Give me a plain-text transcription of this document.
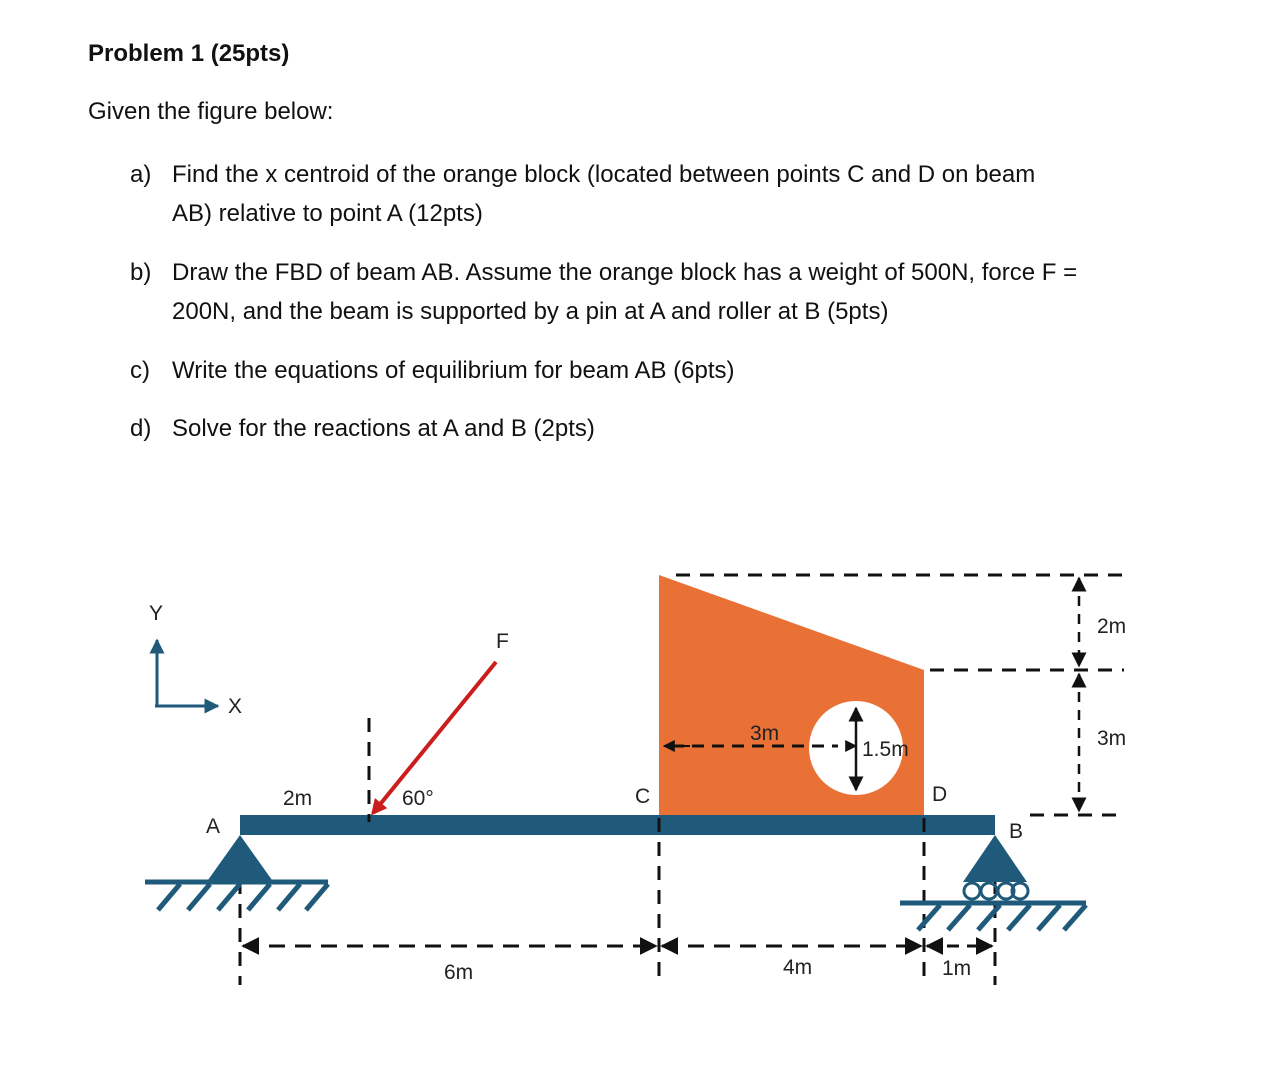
Problem 1 (25pts)

Given the figure below:

a) Find the x centroid of the orange block (located between points C and D on beam
AB) relative to point A (12pts)
b) Draw the FBD of beam AB. Assume the orange block has a weight of 500N, force F =
200N, and the beam is supported by a pin at A and roller at B (5pts)
c) Write the equations of equilibrium for beam AB (6pts)
d) Solve for the reactions at A and B (2pts)
Y
X
3m
1.5m
2m
3m
F
60°
2m
A	B
C	D
6m	4m	1m
